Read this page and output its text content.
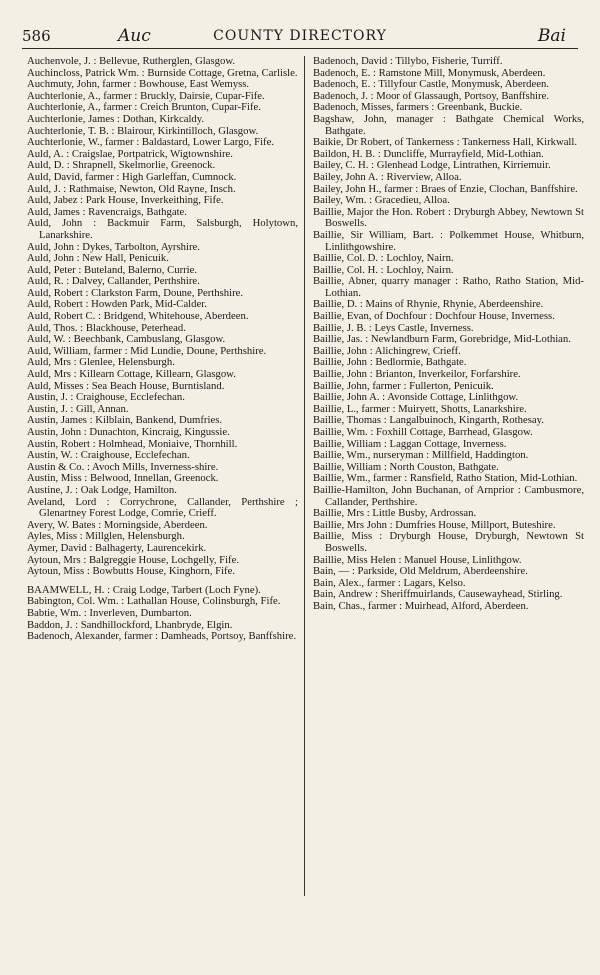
586	Auc	COUNTY DIRECTORY	Bai
Auchenvole, J. : Bellevue, Rutherglen, Glasgow.
Auchincloss, Patrick Wm. : Burnside Cottage, Gretna, Carlisle.
Auchmuty, John, farmer : Bowhouse, East Wemyss.
Auchterlonie, A., farmer : Bruckly, Dairsie, Cupar-Fife.
Auchterlonie, A., farmer : Creich Brunton, Cupar-Fife.
Auchterlonie, James : Dothan, Kirkcaldy.
Auchterlonie, T. B. : Blairour, Kirkintilloch, Glasgow.
Auchterlonie, W., farmer : Baldastard, Lower Largo, Fife.
Auld, A. : Craigslae, Portpatrick, Wigtownshire.
Auld, D. : Shrapnell, Skelmorlie, Greenock.
Auld, David, farmer : High Garleffan, Cumnock.
Auld, J. : Rathmaise, Newton, Old Rayne, Insch.
Auld, Jabez : Park House, Inverkeithing, Fife.
Auld, James : Ravencraigs, Bathgate.
Auld, John : Backmuir Farm, Salsburgh, Holytown, Lanarkshire.
Auld, John : Dykes, Tarbolton, Ayrshire.
Auld, John : New Hall, Penicuik.
Auld, Peter : Buteland, Balerno, Currie.
Auld, R. : Dalvey, Callander, Perthshire.
Auld, Robert : Clarkston Farm, Doune, Perthshire.
Auld, Robert : Howden Park, Mid-Calder.
Auld, Robert C. : Bridgend, Whitehouse, Aberdeen.
Auld, Thos. : Blackhouse, Peterhead.
Auld, W. : Beechbank, Cambuslang, Glasgow.
Auld, William, farmer : Mid Lundie, Doune, Perthshire.
Auld, Mrs : Glenlee, Helensburgh.
Auld, Mrs : Killearn Cottage, Killearn, Glasgow.
Auld, Misses : Sea Beach House, Burntisland.
Austin, J. : Craighouse, Ecclefechan.
Austin, J. : Gill, Annan.
Austin, James : Kilblain, Bankend, Dumfries.
Austin, John : Dunachton, Kincraig, Kingussie.
Austin, Robert : Holmhead, Moniaive, Thornhill.
Austin, W. : Craighouse, Ecclefechan.
Austin & Co. : Avoch Mills, Inverness-shire.
Austin, Miss : Belwood, Innellan, Greenock.
Austine, J. : Oak Lodge, Hamilton.
Aveland, Lord : Corrychrone, Callander, Perthshire ; Glenartney Forest Lodge, Comrie, Crieff.
Avery, W. Bates : Morningside, Aberdeen.
Ayles, Miss : Millglen, Helensburgh.
Aymer, David : Balhagerty, Laurencekirk.
Aytoun, Mrs : Balgreggie House, Lochgelly, Fife.
Aytoun, Miss : Bowbutts House, Kinghorn, Fife.
BAAMWELL, H. : Craig Lodge, Tarbert (Loch Fyne).
Babington, Col. Wm. : Lathallan House, Colinsburgh, Fife.
Babtie, Wm. : Inverleven, Dumbarton.
Baddon, J. : Sandhillockford, Lhanbryde, Elgin.
Badenoch, Alexander, farmer : Damheads, Portsoy, Banffshire.
Badenoch, David : Tillybo, Fisherie, Turriff.
Badenoch, E. : Ramstone Mill, Monymusk, Aberdeen.
Badenoch, E. : Tillyfour Castle, Monymusk, Aberdeen.
Badenoch, J. : Moor of Glassaugh, Portsoy, Banffshire.
Badenoch, Misses, farmers : Greenbank, Buckie.
Bagshaw, John, manager : Bathgate Chemical Works, Bathgate.
Baikie, Dr Robert, of Tankerness : Tankerness Hall, Kirkwall.
Baildon, H. B. : Duncliffe, Murrayfield, Mid-Lothian.
Bailey, C. H. : Glenhead Lodge, Lintrathen, Kirriemuir.
Bailey, John A. : Riverview, Alloa.
Bailey, John H., farmer : Braes of Enzie, Clochan, Banffshire.
Bailey, Wm. : Gracedieu, Alloa.
Baillie, Major the Hon. Robert : Dryburgh Abbey, Newtown St Boswells.
Baillie, Sir William, Bart. : Polkemmet House, Whitburn, Linlithgowshire.
Baillie, Col. D. : Lochloy, Nairn.
Baillie, Col. H. : Lochloy, Nairn.
Baillie, Abner, quarry manager : Ratho, Ratho Station, Mid-Lothian.
Baillie, D. : Mains of Rhynie, Rhynie, Aberdeenshire.
Baillie, Evan, of Dochfour : Dochfour House, Inverness.
Baillie, J. B. : Leys Castle, Inverness.
Baillie, Jas. : Newlandburn Farm, Gorebridge, Mid-Lothian.
Baillie, John : Alichingrew, Crieff.
Baillie, John : Bedlormie, Bathgate.
Baillie, John : Brianton, Inverkeilor, Forfarshire.
Baillie, John, farmer : Fullerton, Penicuik.
Baillie, John A. : Avonside Cottage, Linlithgow.
Baillie, L., farmer : Muiryett, Shotts, Lanarkshire.
Baillie, Thomas : Langalbuinoch, Kingarth, Rothesay.
Baillie, Wm. : Foxhill Cottage, Barrhead, Glasgow.
Baillie, William : Laggan Cottage, Inverness.
Baillie, Wm., nurseryman : Millfield, Haddington.
Baillie, William : North Couston, Bathgate.
Baillie, Wm., farmer : Ransfield, Ratho Station, Mid-Lothian.
Baillie-Hamilton, John Buchanan, of Arnprior : Cambusmore, Callander, Perthshire.
Baillie, Mrs : Little Busby, Ardrossan.
Baillie, Mrs John : Dumfries House, Millport, Buteshire.
Baillie, Miss : Dryburgh House, Dryburgh, Newtown St Boswells.
Baillie, Miss Helen : Manuel House, Linlithgow.
Bain, — : Parkside, Old Meldrum, Aberdeenshire.
Bain, Alex., farmer : Lagars, Kelso.
Bain, Andrew : Sheriffmuirlands, Causewayhead, Stirling.
Bain, Chas., farmer : Muirhead, Alford, Aberdeen.
